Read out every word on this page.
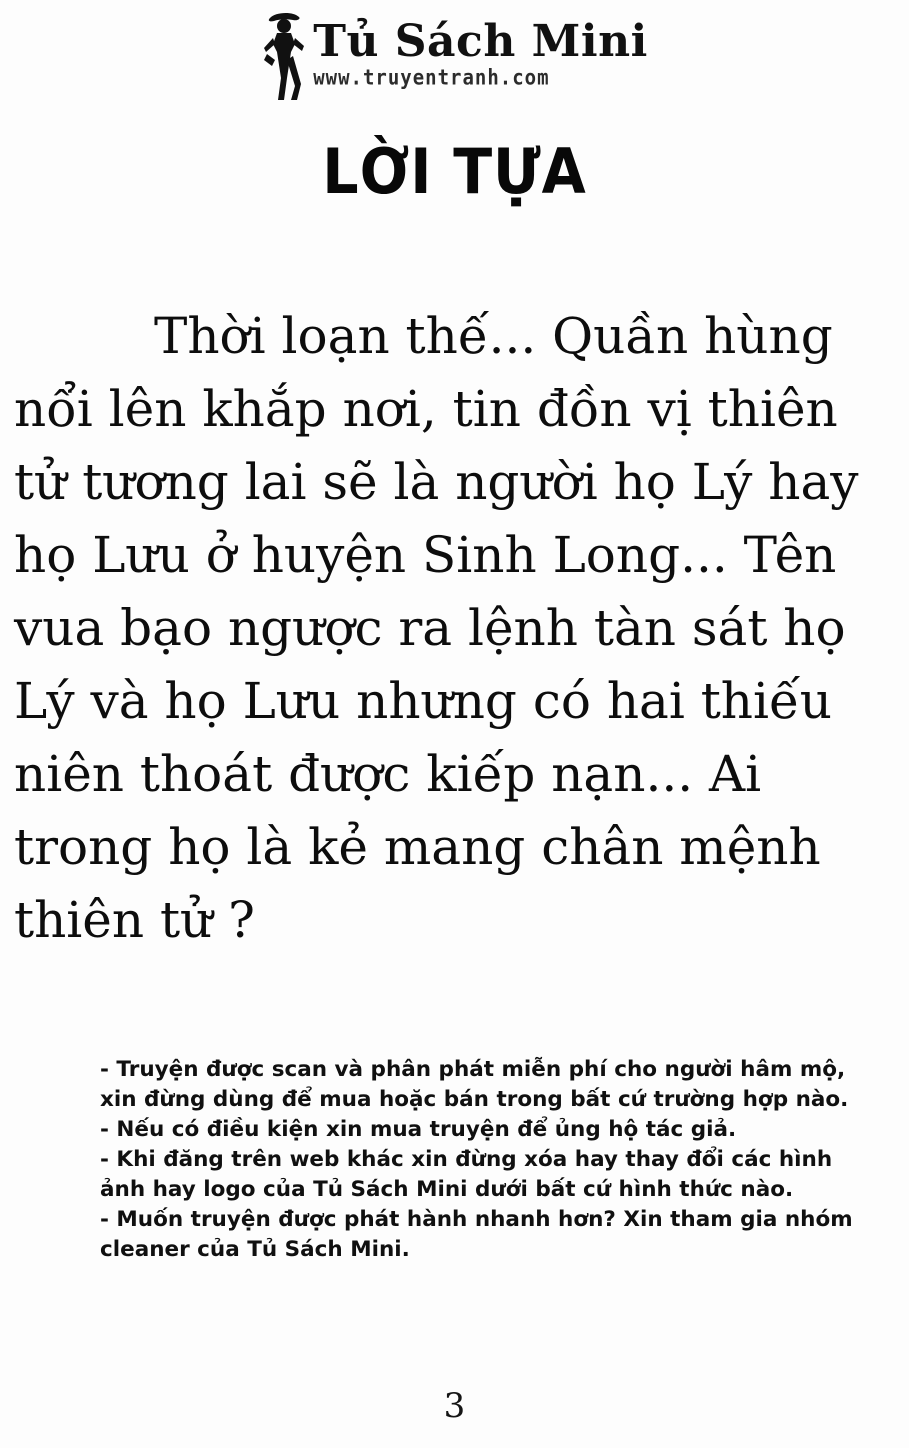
Tủ Sách Mini
www.truyentranh.com
LỜI TỰA

Thời loạn thế... Quần hùng nổi lên khắp nơi, tin đồn vị thiên tử tương lai sẽ là người họ Lý hay họ Lưu ở huyện Sinh Long... Tên vua bạo ngược ra lệnh tàn sát họ Lý và họ Lưu nhưng có hai thiếu niên thoát được kiếp nạn... Ai trong họ là kẻ mang chân mệnh thiên tử ?

- Truyện được scan và phân phát miễn phí cho người hâm mộ, xin đừng dùng để mua hoặc bán trong bất cứ trường hợp nào.

- Nếu có điều kiện xin mua truyện để ủng hộ tác giả.

- Khi đăng trên web khác xin đừng xóa hay thay đổi các hình ảnh hay logo của Tủ Sách Mini dưới bất cứ hình thức nào.

- Muốn truyện được phát hành nhanh hơn? Xin tham gia nhóm cleaner của Tủ Sách Mini.

3
